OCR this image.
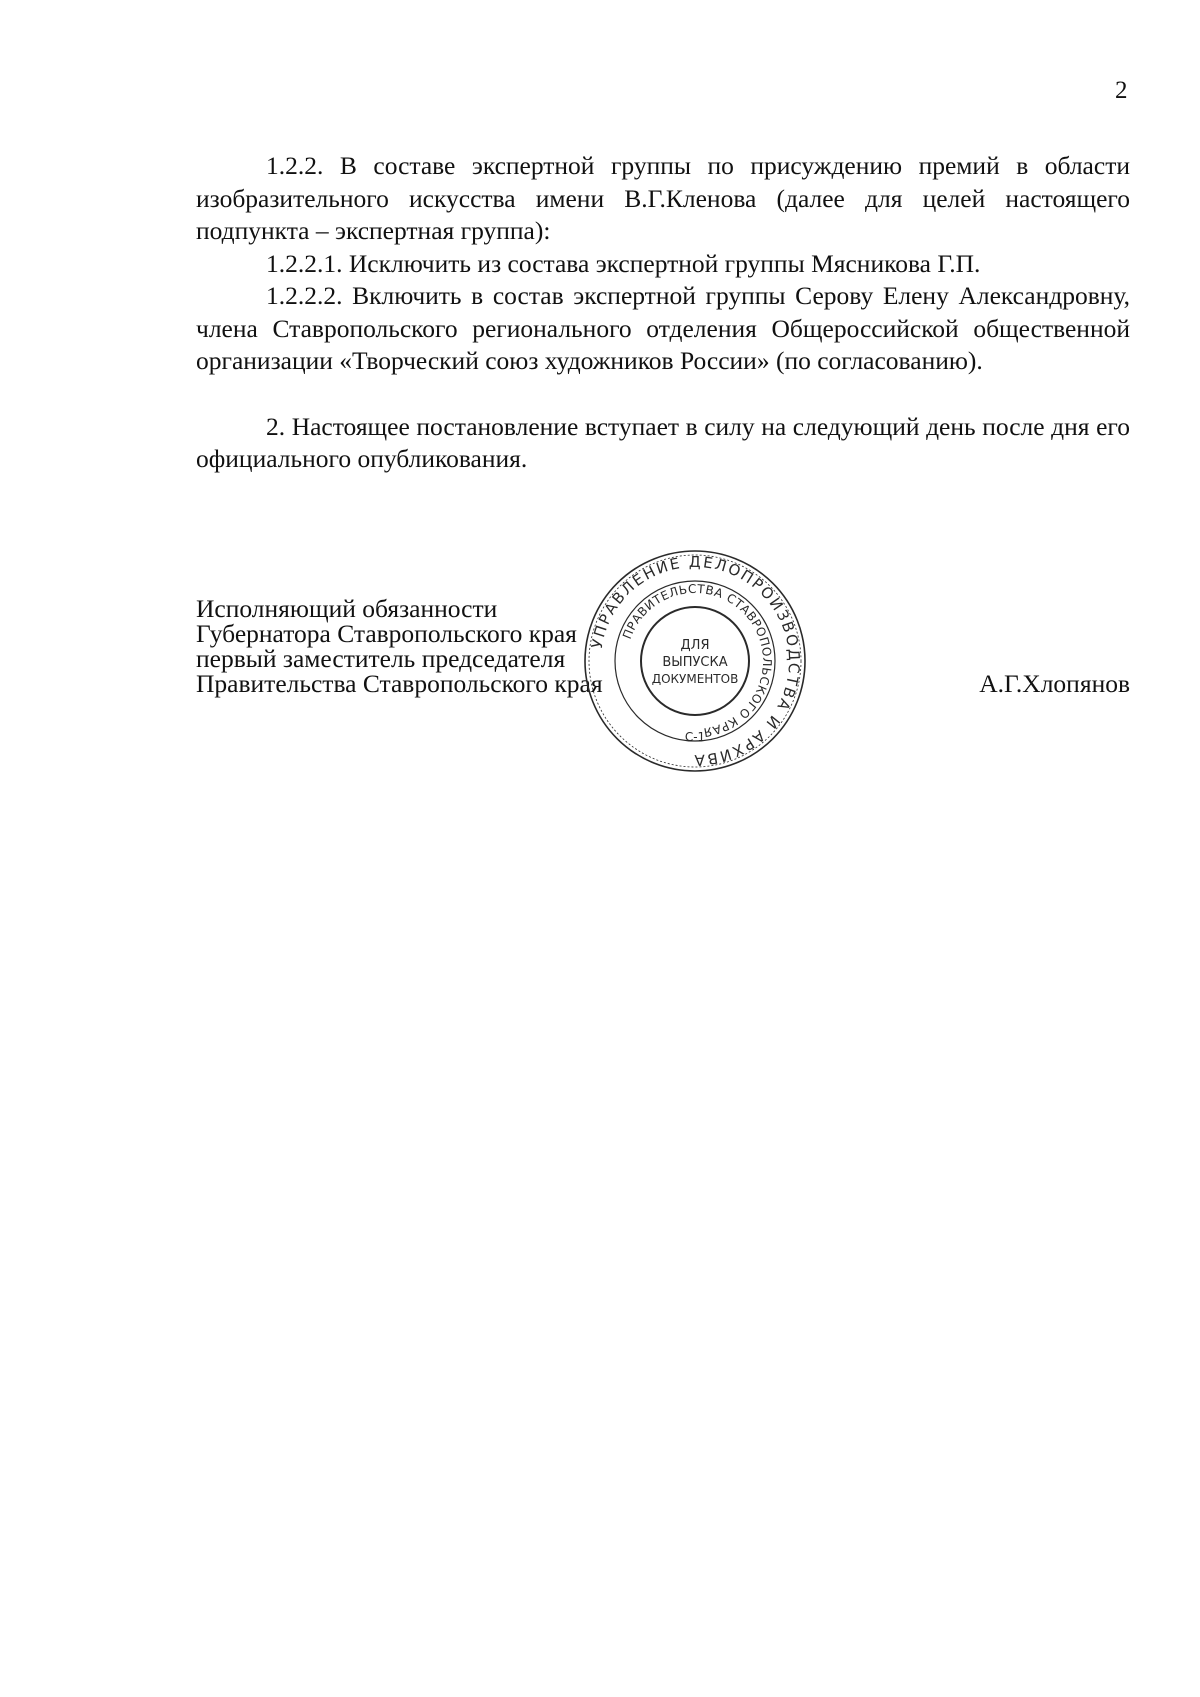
2

1.2.2. В составе экспертной группы по присуждению премий в области изобразительного искусства имени В.Г.Кленова (далее для целей настоящего подпункта – экспертная группа):

1.2.2.1. Исключить из состава экспертной группы Мясникова Г.П.

1.2.2.2. Включить в состав экспертной группы Серову Елену Александровну, члена Ставропольского регионального отделения Общероссийской общественной организации «Творческий союз художников России» (по согласованию).

2. Настоящее постановление вступает в силу на следующий день после дня его официального опубликования.

Исполняющий обязанности
Губернатора Ставропольского края
первый заместитель председателя
Правительства Ставропольского края	А.Г.Хлопянов
УПРАВЛЕНИЕ ДЕЛОПРОИЗВОДСТВА И АРХИВА
ПРАВИТЕЛЬСТВА СТАВРОПОЛЬСКОГО КРАЯ
ДЛЯ
ВЫПУСКА
ДОКУМЕНТОВ
С-1
